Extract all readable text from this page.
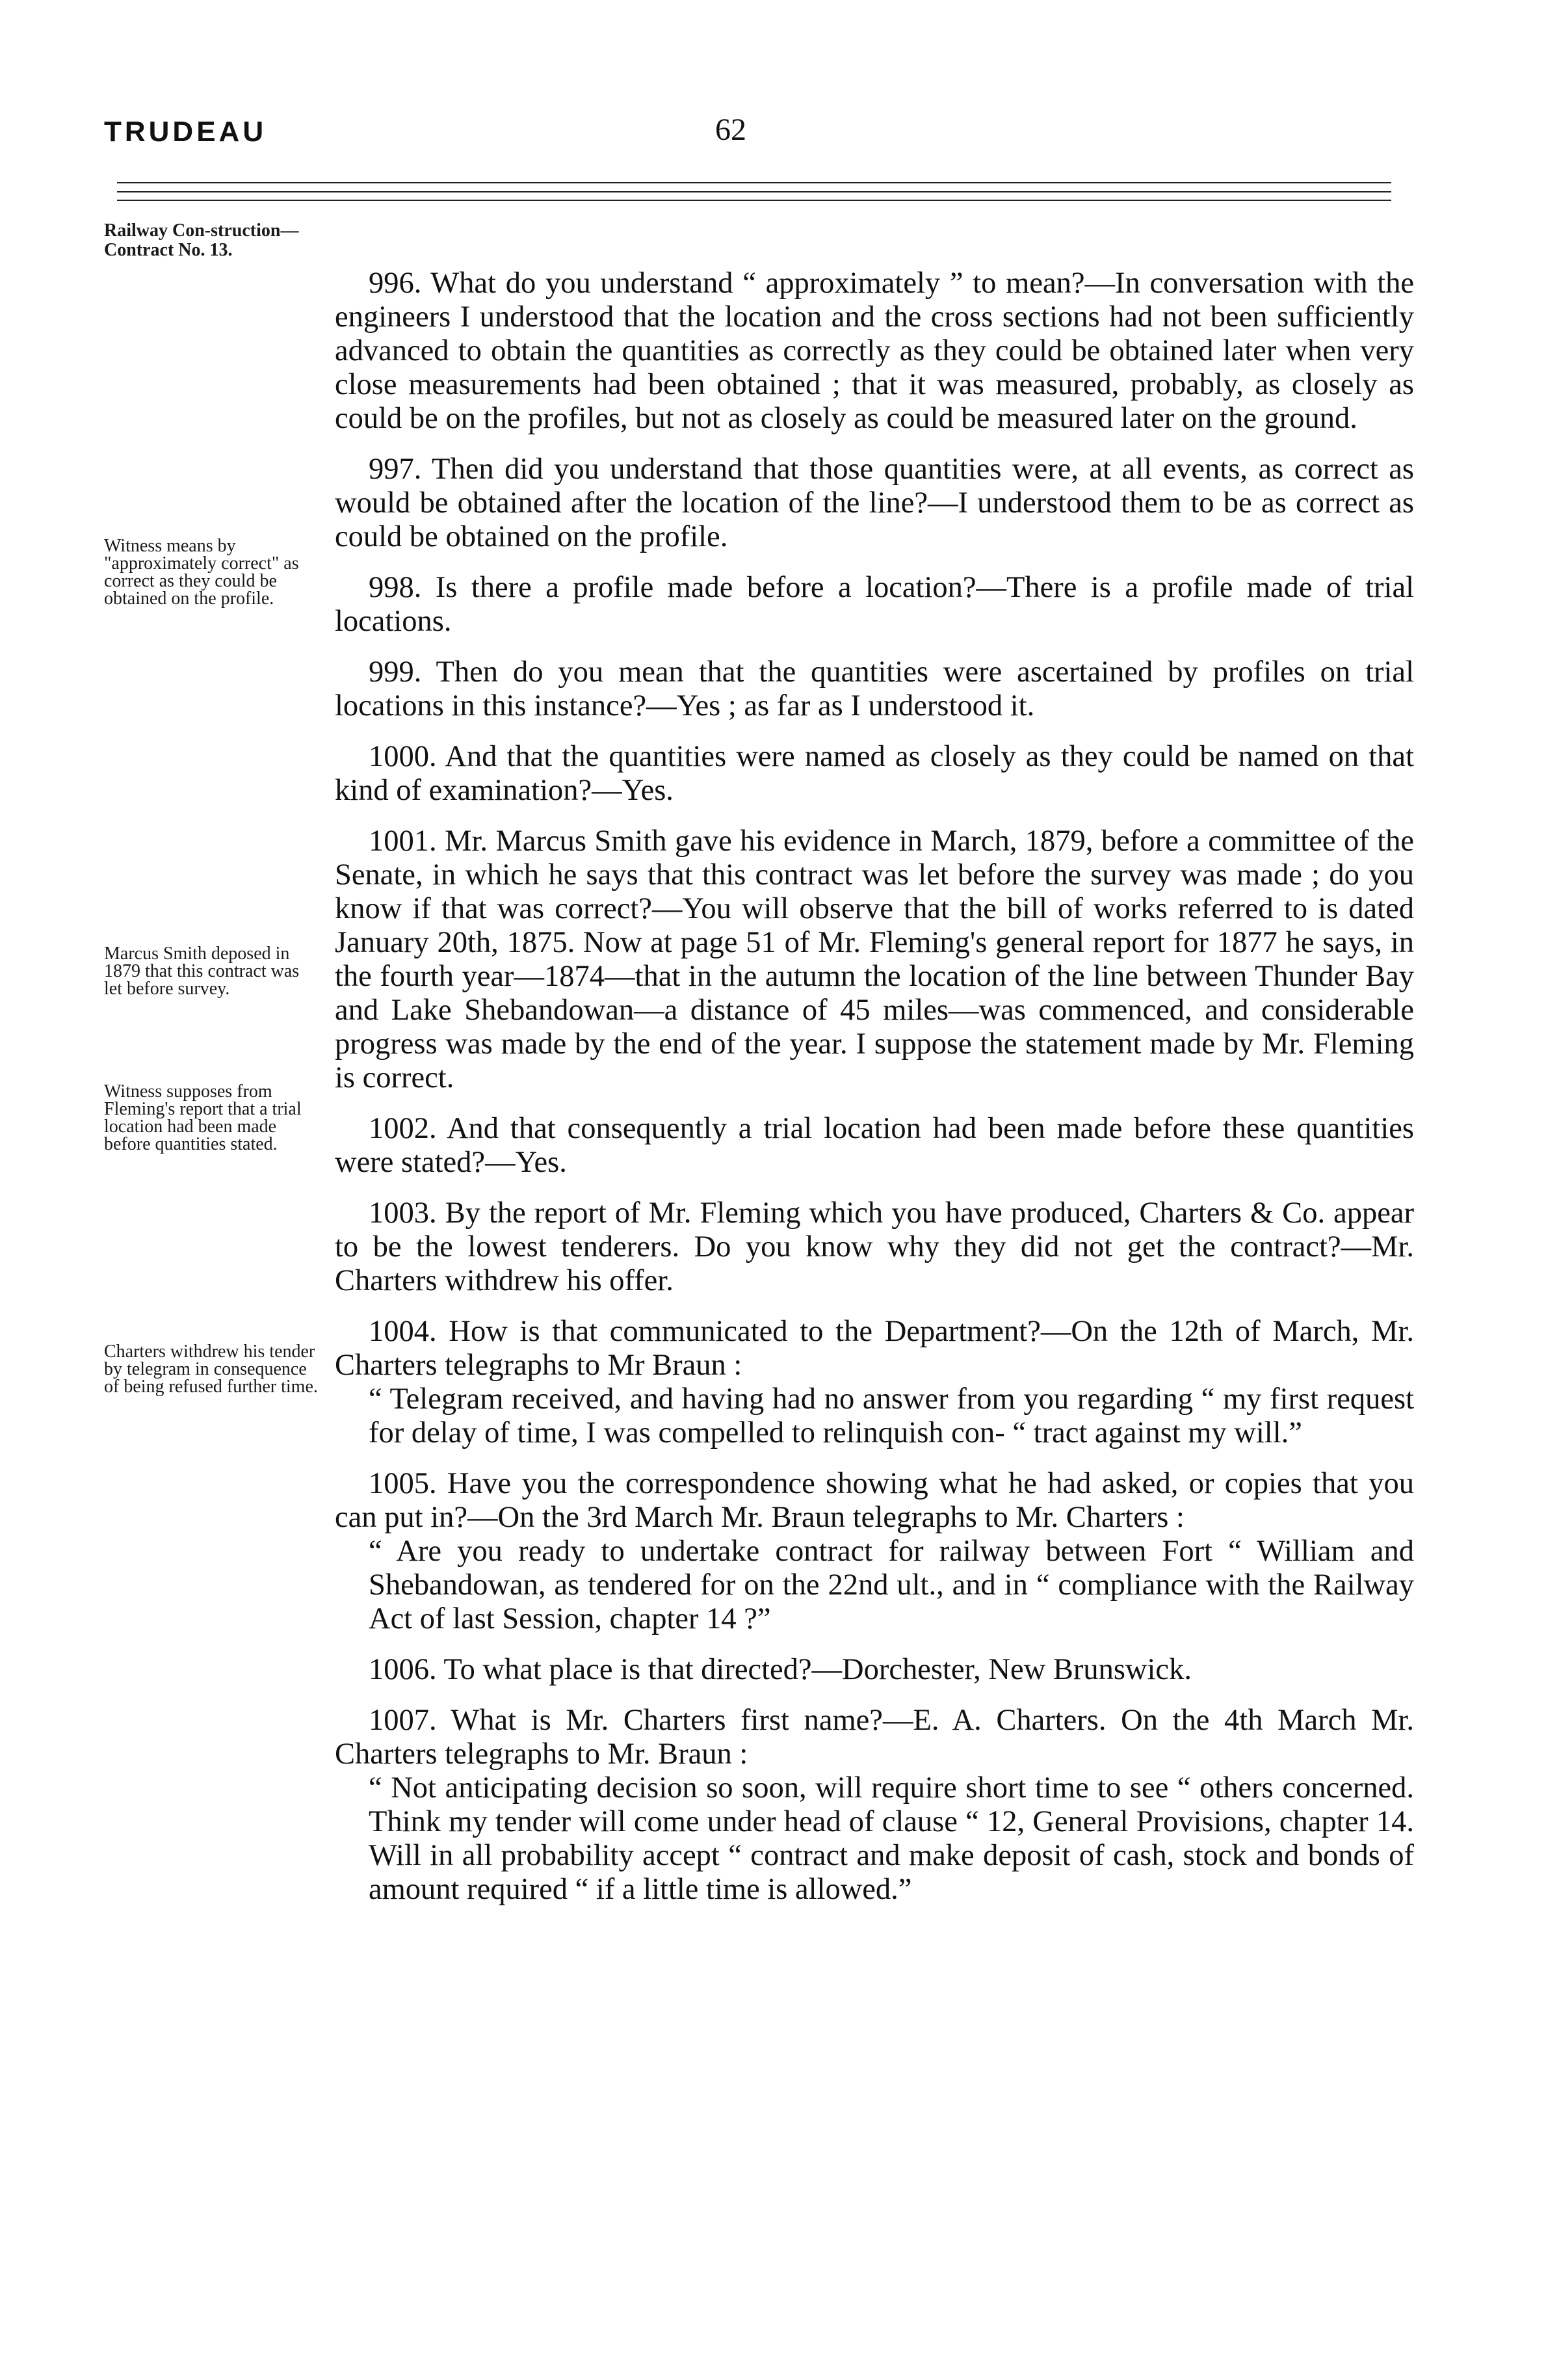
TRUDEAU	62
Railway Con-struction—Contract No. 13.
Witness means by "approximately correct" as correct as they could be obtained on the profile.
Marcus Smith deposed in 1879 that this contract was let before survey.
Witness supposes from Fleming's report that a trial location had been made before quantities stated.
Charters withdrew his tender by telegram in consequence of being refused further time.

996. What do you understand “ approximately ” to mean?—In conversation with the engineers I understood that the location and the cross sections had not been sufficiently advanced to obtain the quantities as correctly as they could be obtained later when very close measurements had been obtained ; that it was measured, probably, as closely as could be on the profiles, but not as closely as could be measured later on the ground.

997. Then did you understand that those quantities were, at all events, as correct as would be obtained after the location of the line?—I understood them to be as correct as could be obtained on the profile.

998. Is there a profile made before a location?—There is a profile made of trial locations.

999. Then do you mean that the quantities were ascertained by profiles on trial locations in this instance?—Yes ; as far as I understood it.

1000. And that the quantities were named as closely as they could be named on that kind of examination?—Yes.

1001. Mr. Marcus Smith gave his evidence in March, 1879, before a committee of the Senate, in which he says that this contract was let before the survey was made ; do you know if that was correct?—You will observe that the bill of works referred to is dated January 20th, 1875. Now at page 51 of Mr. Fleming's general report for 1877 he says, in the fourth year—1874—that in the autumn the location of the line between Thunder Bay and Lake Shebandowan—a distance of 45 miles—was commenced, and considerable progress was made by the end of the year. I suppose the statement made by Mr. Fleming is correct.

1002. And that consequently a trial location had been made before these quantities were stated?—Yes.

1003. By the report of Mr. Fleming which you have produced, Charters & Co. appear to be the lowest tenderers. Do you know why they did not get the contract?—Mr. Charters withdrew his offer.

1004. How is that communicated to the Department?—On the 12th of March, Mr. Charters telegraphs to Mr Braun :

“ Telegram received, and having had no answer from you regarding “ my first request for delay of time, I was compelled to relinquish con- “ tract against my will.”

1005. Have you the correspondence showing what he had asked, or copies that you can put in?—On the 3rd March Mr. Braun telegraphs to Mr. Charters :

“ Are you ready to undertake contract for railway between Fort “ William and Shebandowan, as tendered for on the 22nd ult., and in “ compliance with the Railway Act of last Session, chapter 14 ?”

1006. To what place is that directed?—Dorchester, New Brunswick.

1007. What is Mr. Charters first name?—E. A. Charters. On the 4th March Mr. Charters telegraphs to Mr. Braun :

“ Not anticipating decision so soon, will require short time to see “ others concerned. Think my tender will come under head of clause “ 12, General Provisions, chapter 14. Will in all probability accept “ contract and make deposit of cash, stock and bonds of amount required “ if a little time is allowed.”
